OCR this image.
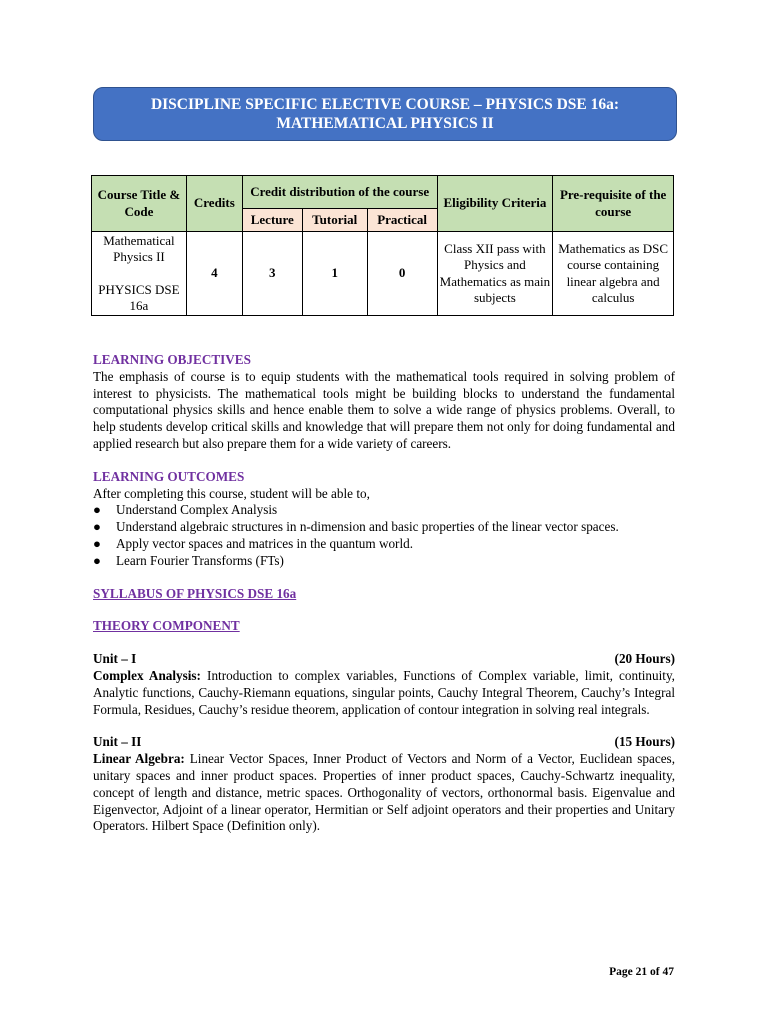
DISCIPLINE SPECIFIC ELECTIVE COURSE – PHYSICS DSE 16a:
MATHEMATICAL PHYSICS II
Course Title & Code	Credits	Credit distribution of the course			Eligibility Criteria	Pre-requisite of the course
		Lecture	Tutorial	Practical		

Mathematical Physics II
PHYSICS DSE 16a	4	3	1	0	Class XII pass with Physics and Mathematics as main subjects	Mathematics as DSC course containing linear algebra and calculus
LEARNING OBJECTIVES

The emphasis of course is to equip students with the mathematical tools required in solving problem of interest to physicists. The mathematical tools might be building blocks to understand the fundamental computational physics skills and hence enable them to solve a wide range of physics problems. Overall, to help students develop critical skills and knowledge that will prepare them not only for doing fundamental and applied research but also prepare them for a wide variety of careers.

LEARNING OUTCOMES

After completing this course, student will be able to,

● Understand Complex Analysis
● Understand algebraic structures in n-dimension and basic properties of the linear vector spaces.
● Apply vector spaces and matrices in the quantum world.
● Learn Fourier Transforms (FTs)
SYLLABUS OF PHYSICS DSE 16a
THEORY COMPONENT
Unit – I	(20 Hours)

Complex Analysis: Introduction to complex variables, Functions of Complex variable, limit, continuity, Analytic functions, Cauchy-Riemann equations, singular points, Cauchy Integral Theorem, Cauchy’s Integral Formula, Residues, Cauchy’s residue theorem, application of contour integration in solving real integrals.

Unit – II	(15 Hours)

Linear Algebra: Linear Vector Spaces, Inner Product of Vectors and Norm of a Vector, Euclidean spaces, unitary spaces and inner product spaces. Properties of inner product spaces, Cauchy-Schwartz inequality, concept of length and distance, metric spaces. Orthogonality of vectors, orthonormal basis. Eigenvalue and Eigenvector, Adjoint of a linear operator, Hermitian or Self adjoint operators and their properties and Unitary Operators. Hilbert Space (Definition only).

Page 21 of 47
